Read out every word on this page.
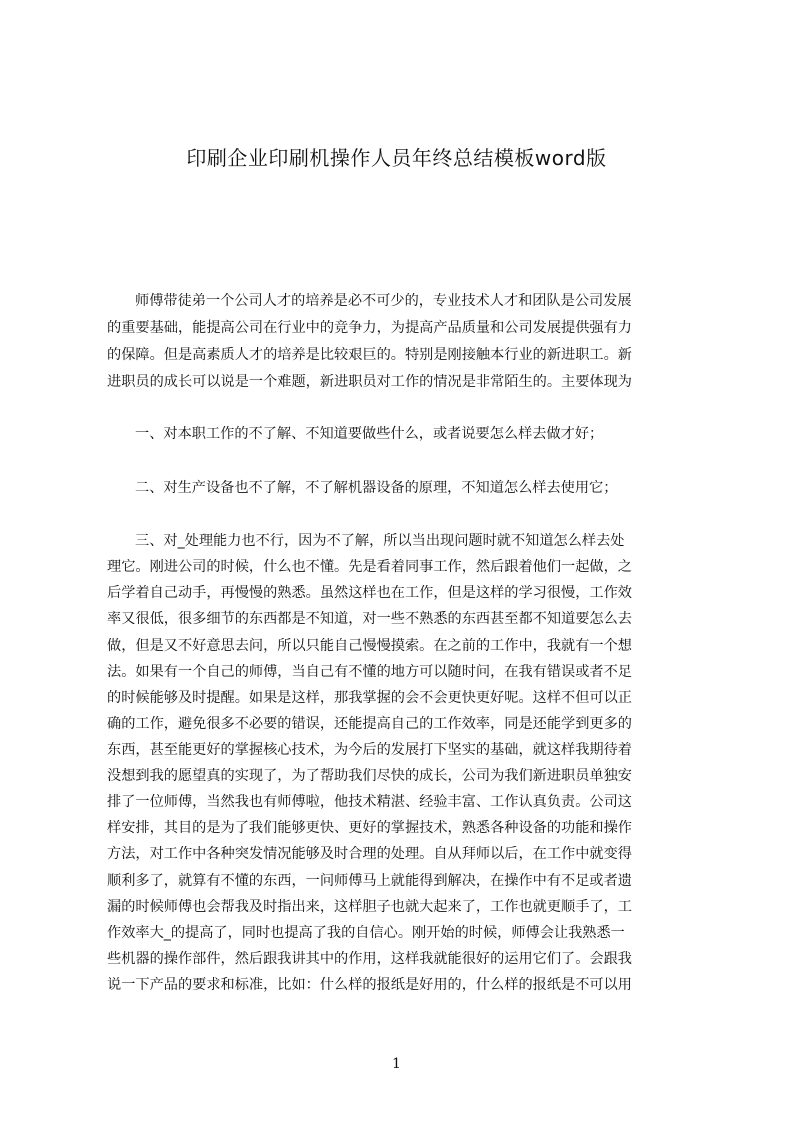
印刷企业印刷机操作人员年终总结模板word版
师傅带徒弟一个公司人才的培养是必不可少的，专业技术人才和团队是公司发展
的重要基础，能提高公司在行业中的竞争力，为提高产品质量和公司发展提供强有力
的保障。但是高素质人才的培养是比较艰巨的。特别是刚接触本行业的新进职工。新
进职员的成长可以说是一个难题，新进职员对工作的情况是非常陌生的。主要体现为
一、对本职工作的不了解、不知道要做些什么，或者说要怎么样去做才好；
二、对生产设备也不了解，不了解机器设备的原理，不知道怎么样去使用它；
三、对_处理能力也不行，因为不了解，所以当出现问题时就不知道怎么样去处
理它。刚进公司的时候，什么也不懂。先是看着同事工作，然后跟着他们一起做，之
后学着自己动手，再慢慢的熟悉。虽然这样也在工作，但是这样的学习很慢，工作效
率又很低，很多细节的东西都是不知道，对一些不熟悉的东西甚至都不知道要怎么去
做，但是又不好意思去问，所以只能自己慢慢摸索。在之前的工作中，我就有一个想
法。如果有一个自己的师傅，当自己有不懂的地方可以随时问，在我有错误或者不足
的时候能够及时提醒。如果是这样，那我掌握的会不会更快更好呢。这样不但可以正
确的工作，避免很多不必要的错误，还能提高自己的工作效率，同是还能学到更多的
东西，甚至能更好的掌握核心技术，为今后的发展打下坚实的基础，就这样我期待着
没想到我的愿望真的实现了，为了帮助我们尽快的成长，公司为我们新进职员单独安
排了一位师傅，当然我也有师傅啦，他技术精湛、经验丰富、工作认真负责。公司这
样安排，其目的是为了我们能够更快、更好的掌握技术，熟悉各种设备的功能和操作
方法，对工作中各种突发情况能够及时合理的处理。自从拜师以后，在工作中就变得
顺利多了，就算有不懂的东西，一问师傅马上就能得到解决，在操作中有不足或者遗
漏的时候师傅也会帮我及时指出来，这样胆子也就大起来了，工作也就更顺手了，工
作效率大_的提高了，同时也提高了我的自信心。刚开始的时候，师傅会让我熟悉一
些机器的操作部件，然后跟我讲其中的作用，这样我就能很好的运用它们了。会跟我
说一下产品的要求和标准，比如：什么样的报纸是好用的，什么样的报纸是不可以用
1
